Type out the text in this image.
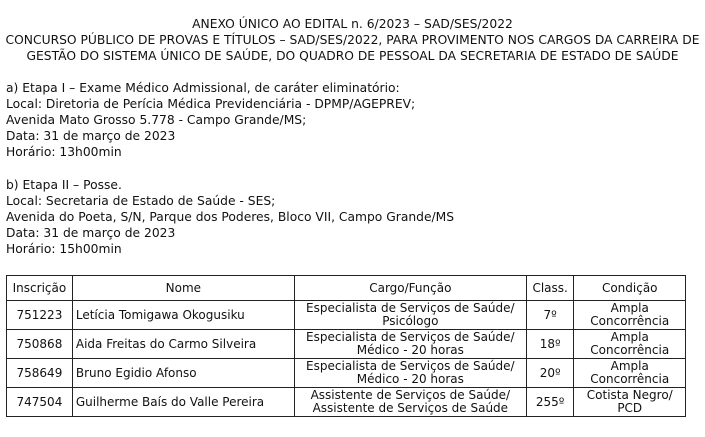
ANEXO ÚNICO AO EDITAL n. 6/2023 – SAD/SES/2022

CONCURSO PÚBLICO DE PROVAS E TÍTULOS – SAD/SES/2022, PARA PROVIMENTO NOS CARGOS DA CARREIRA DE GESTÃO DO SISTEMA ÚNICO DE SAÚDE, DO QUADRO DE PESSOAL DA SECRETARIA DE ESTADO DE SAÚDE

a) Etapa I – Exame Médico Admissional, de caráter eliminatório:

Local: Diretoria de Perícia Médica Previdenciária - DPMP/AGEPREV;

Avenida Mato Grosso 5.778 - Campo Grande/MS;

Data: 31 de março de 2023

Horário: 13h00min

b) Etapa II – Posse.

Local: Secretaria de Estado de Saúde - SES;

Avenida do Poeta, S/N, Parque dos Poderes, Bloco VII, Campo Grande/MS

Data: 31 de março de 2023

Horário: 15h00min

Inscrição	Nome	Cargo/Função	Class.	Condição
751223	Letícia Tomigawa Okogusiku	Especialista de Serviços de Saúde/
Psicólogo	7º	Ampla
Concorrência

750868	Aida Freitas do Carmo Silveira	Especialista de Serviços de Saúde/
Médico - 20 horas	18º	Ampla
Concorrência

758649	Bruno Egidio Afonso	Especialista de Serviços de Saúde/
Médico - 20 horas	20º	Ampla
Concorrência

747504	Guilherme Baís do Valle Pereira	Assistente de Serviços de Saúde/
Assistente de Serviços de Saúde	255º	Cotista Negro/
PCD
